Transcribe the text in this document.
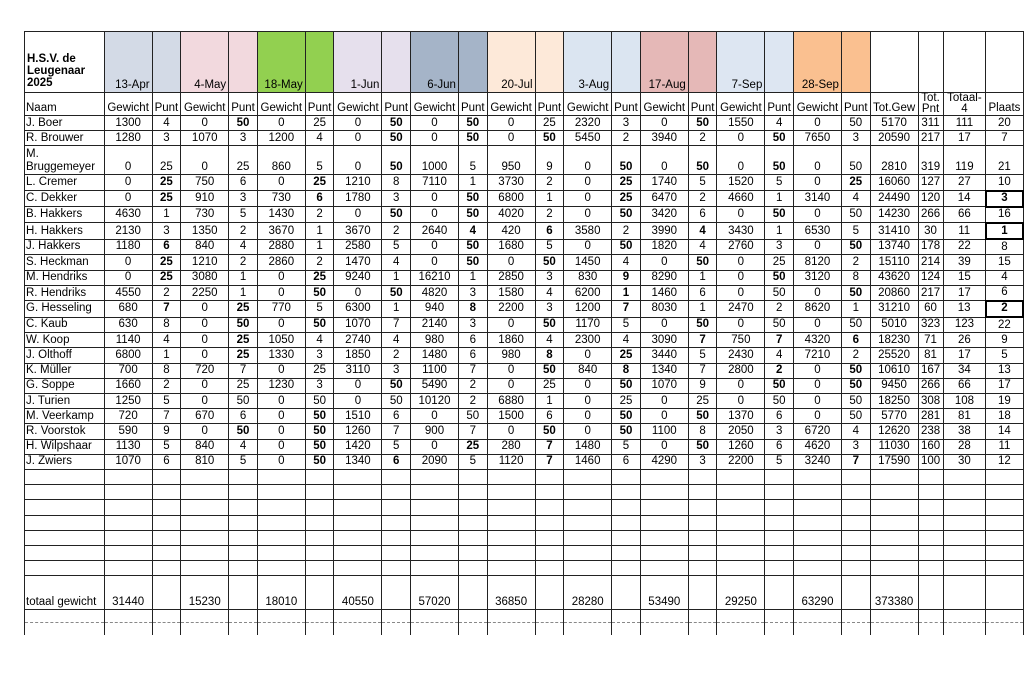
H.S.V. de Leugenaar 2025	13-Apr		4-May		18-May		1-Jun		6-Jun		20-Jul		3-Aug		17-Aug		7-Sep		28-Sep					
Naam	Gewicht	Punt	Gewicht	Punt	Gewicht	Punt	Gewicht	Punt	Gewicht	Punt	Gewicht	Punt	Gewicht	Punt	Gewicht	Punt	Gewicht	Punt	Gewicht	Punt	Tot.Gew	Tot. Pnt	Totaal- 4	Plaats
J. Boer	1300	4	0	50	0	25	0	50	0	50	0	25	2320	3	0	50	1550	4	0	50	5170	311	111	20
R. Brouwer	1280	3	1070	3	1200	4	0	50	0	50	0	50	5450	2	3940	2	0	50	7650	3	20590	217	17	7
M. Bruggemeyer	0	25	0	25	860	5	0	50	1000	5	950	9	0	50	0	50	0	50	0	50	2810	319	119	21
L. Cremer	0	25	750	6	0	25	1210	8	7110	1	3730	2	0	25	1740	5	1520	5	0	25	16060	127	27	10
C. Dekker	0	25	910	3	730	6	1780	3	0	50	6800	1	0	25	6470	2	4660	1	3140	4	24490	120	14	3
B. Hakkers	4630	1	730	5	1430	2	0	50	0	50	4020	2	0	50	3420	6	0	50	0	50	14230	266	66	16
H. Hakkers	2130	3	1350	2	3670	1	3670	2	2640	4	420	6	3580	2	3990	4	3430	1	6530	5	31410	30	11	1
J. Hakkers	1180	6	840	4	2880	1	2580	5	0	50	1680	5	0	50	1820	4	2760	3	0	50	13740	178	22	8
S. Heckman	0	25	1210	2	2860	2	1470	4	0	50	0	50	1450	4	0	50	0	25	8120	2	15110	214	39	15
M. Hendriks	0	25	3080	1	0	25	9240	1	16210	1	2850	3	830	9	8290	1	0	50	3120	8	43620	124	15	4
R. Hendriks	4550	2	2250	1	0	50	0	50	4820	3	1580	4	6200	1	1460	6	0	50	0	50	20860	217	17	6
G. Hesseling	680	7	0	25	770	5	6300	1	940	8	2200	3	1200	7	8030	1	2470	2	8620	1	31210	60	13	2
C. Kaub	630	8	0	50	0	50	1070	7	2140	3	0	50	1170	5	0	50	0	50	0	50	5010	323	123	22
W. Koop	1140	4	0	25	1050	4	2740	4	980	6	1860	4	2300	4	3090	7	750	7	4320	6	18230	71	26	9
J. Olthoff	6800	1	0	25	1330	3	1850	2	1480	6	980	8	0	25	3440	5	2430	4	7210	2	25520	81	17	5
K. Müller	700	8	720	7	0	25	3110	3	1100	7	0	50	840	8	1340	7	2800	2	0	50	10610	167	34	13
G. Soppe	1660	2	0	25	1230	3	0	50	5490	2	0	25	0	50	1070	9	0	50	0	50	9450	266	66	17
J. Turien	1250	5	0	50	0	50	0	50	10120	2	6880	1	0	25	0	25	0	50	0	50	18250	308	108	19
M. Veerkamp	720	7	670	6	0	50	1510	6	0	50	1500	6	0	50	0	50	1370	6	0	50	5770	281	81	18
R. Voorstok	590	9	0	50	0	50	1260	7	900	7	0	50	0	50	1100	8	2050	3	6720	4	12620	238	38	14
H. Wilpshaar	1130	5	840	4	0	50	1420	5	0	25	280	7	1480	5	0	50	1260	6	4620	3	11030	160	28	11
J. Zwiers	1070	6	810	5	0	50	1340	6	2090	5	1120	7	1460	6	4290	3	2200	5	3240	7	17590	100	30	12

totaal gewicht	31440		15230		18010		40550		57020		36850		28280		53490		29250		63290		373380			
